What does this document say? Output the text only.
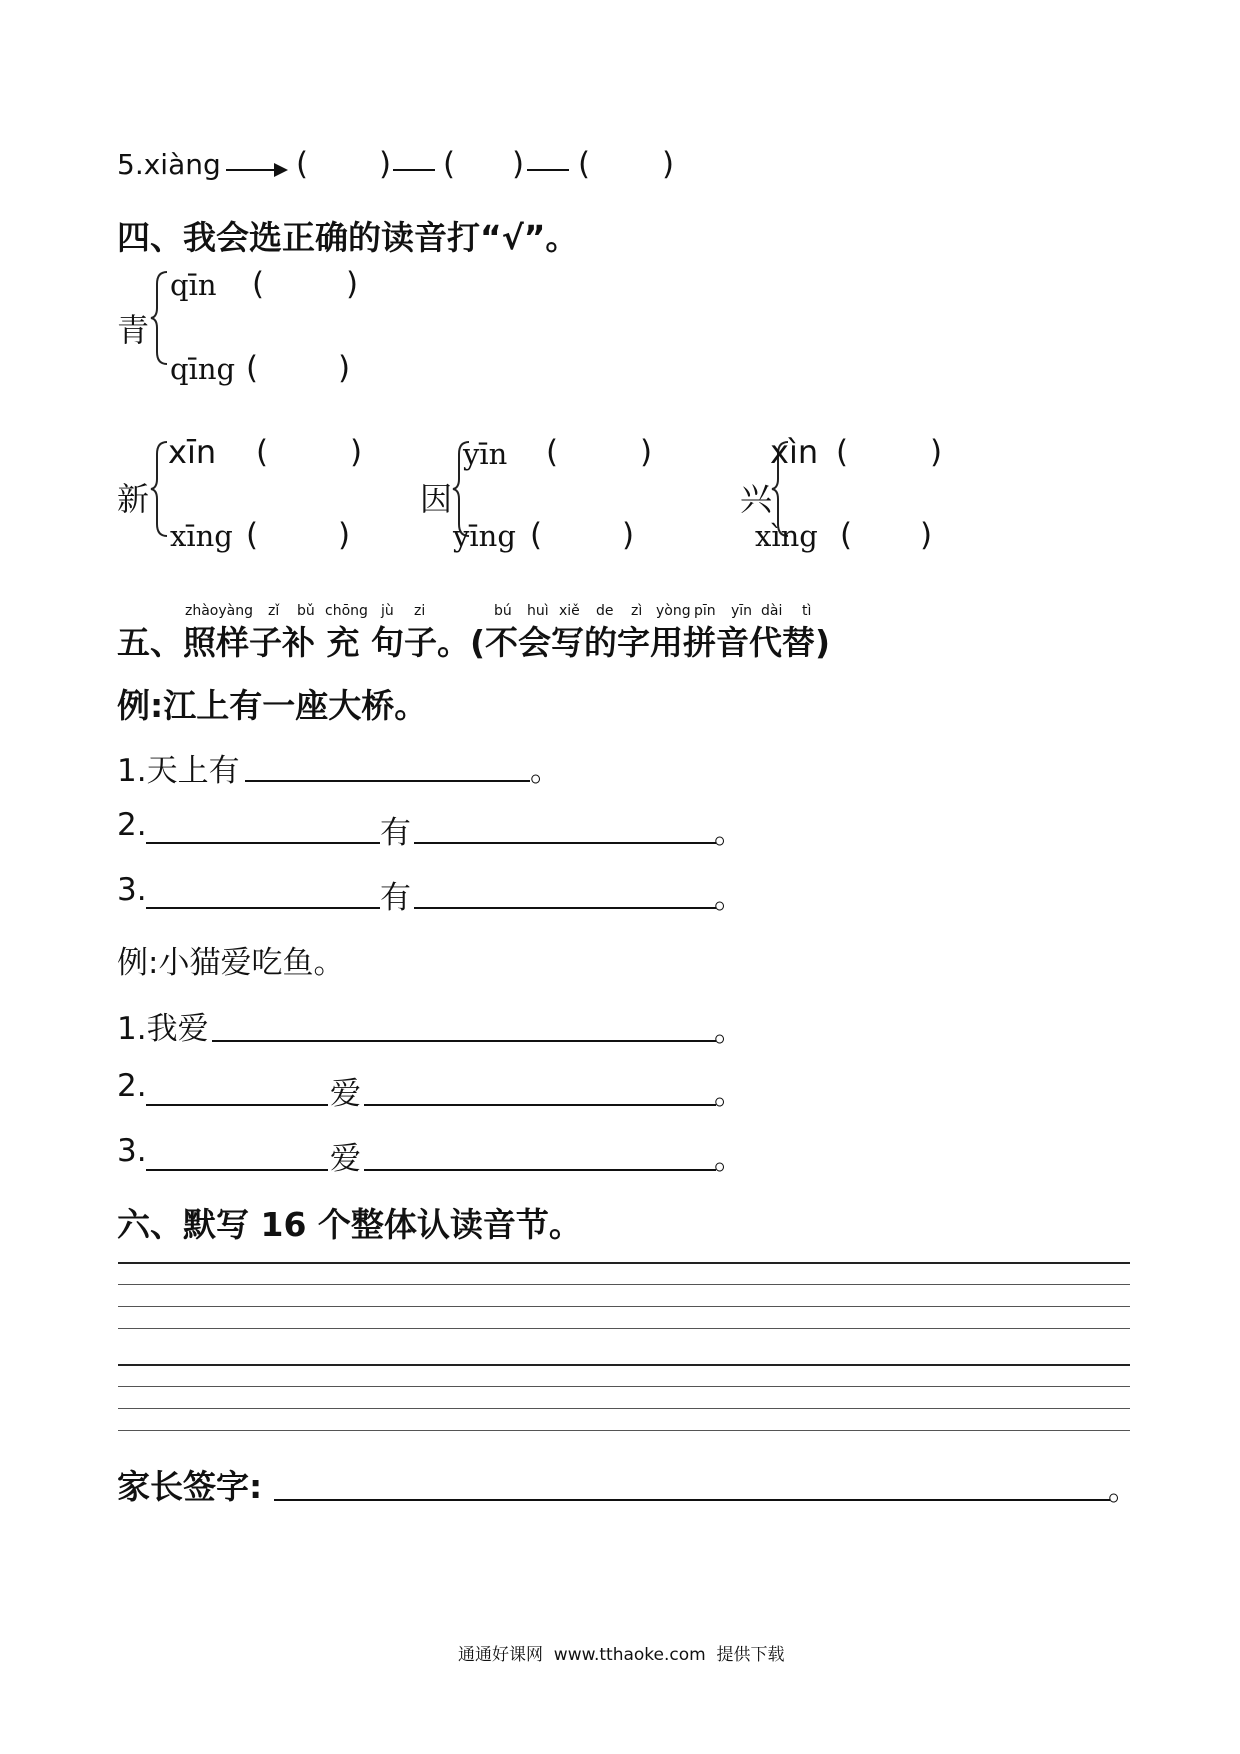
5.xiàng ( ) ( ) ( )
四、我会选正确的读音打“√”。
青
qīn (	)
qīng (	)
新
xīn (	)
xīng (	)
因
yīn (	)
yīng (	)
兴
xìn (	)
xìng ( )
zhàoyàng zǐ bǔ chōng jù zi	bú huì xiě de zì yòng pīn yīn dài tì
五、照样子补 充 句子。(不会写的字用拼音代替)
例:江上有一座大桥。
1.天上有	。
2.	有	。
3.	有	。
例:小猫爱吃鱼。
1.我爱	。
2.	爱	。
3.	爱	。
六、默写 16 个整体认读音节。
家长签字:	。
通通好课网  www.tthaoke.com  提供下载
